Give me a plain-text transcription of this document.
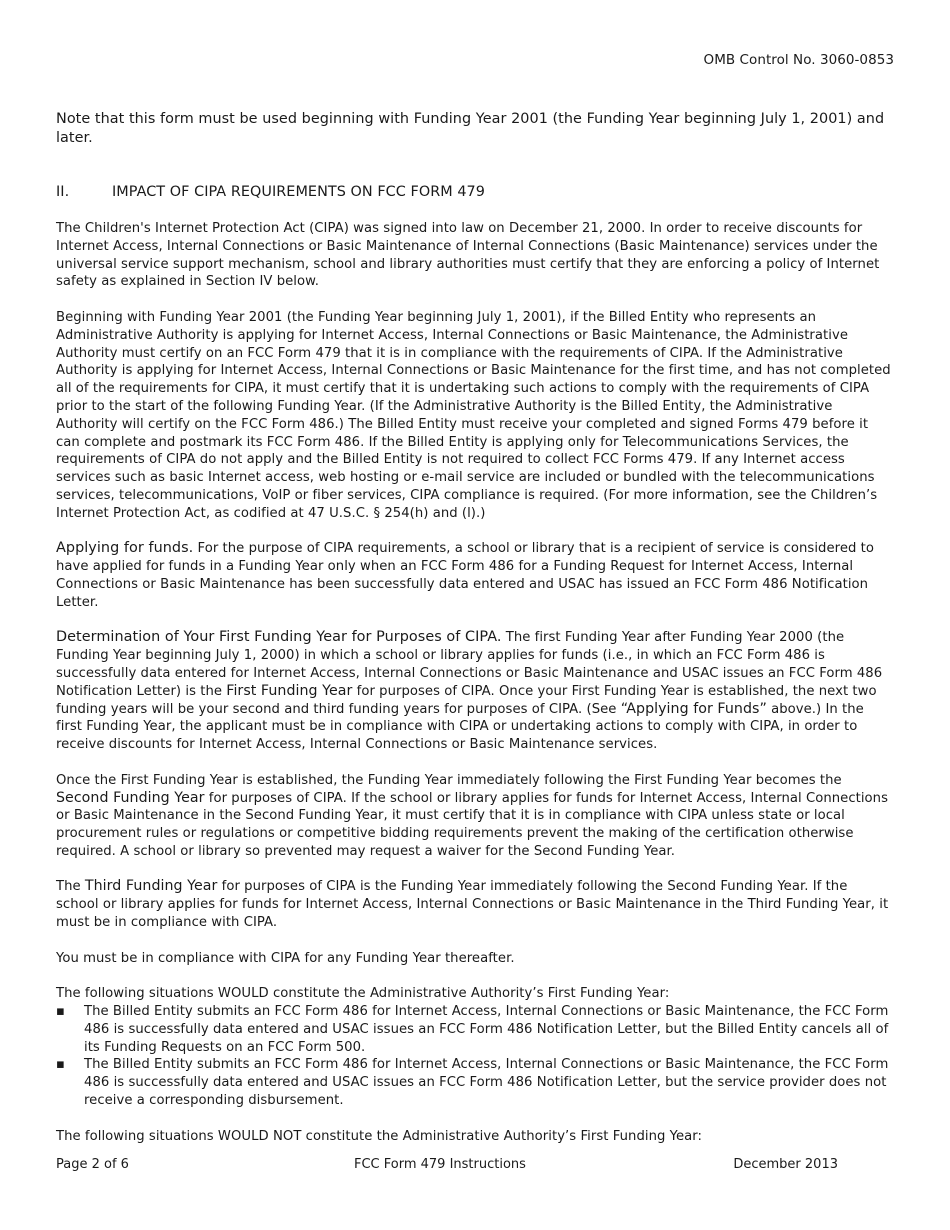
OMB Control No. 3060-0853

Note that this form must be used beginning with Funding Year 2001 (the Funding Year beginning July 1, 2001) and later.

II.	IMPACT OF CIPA REQUIREMENTS ON FCC FORM 479

The Children's Internet Protection Act (CIPA) was signed into law on December 21, 2000. In order to receive discounts for Internet Access, Internal Connections or Basic Maintenance of Internal Connections (Basic Maintenance) services under the universal service support mechanism, school and library authorities must certify that they are enforcing a policy of Internet safety as explained in Section IV below.

Beginning with Funding Year 2001 (the Funding Year beginning July 1, 2001), if the Billed Entity who represents an Administrative Authority is applying for Internet Access, Internal Connections or Basic Maintenance, the Administrative Authority must certify on an FCC Form 479 that it is in compliance with the requirements of CIPA. If the Administrative Authority is applying for Internet Access, Internal Connections or Basic Maintenance for the first time, and has not completed all of the requirements for CIPA, it must certify that it is undertaking such actions to comply with the requirements of CIPA prior to the start of the following Funding Year. (If the Administrative Authority is the Billed Entity, the Administrative Authority will certify on the FCC Form 486.) The Billed Entity must receive your completed and signed Forms 479 before it can complete and postmark its FCC Form 486. If the Billed Entity is applying only for Telecommunications Services, the requirements of CIPA do not apply and the Billed Entity is not required to collect FCC Forms 479. If any Internet access services such as basic Internet access, web hosting or e-mail service are included or bundled with the telecommunications services, telecommunications, VoIP or fiber services, CIPA compliance is required. (For more information, see the Children’s Internet Protection Act, as codified at 47 U.S.C. § 254(h) and (l).)

Applying for funds. For the purpose of CIPA requirements, a school or library that is a recipient of service is considered to have applied for funds in a Funding Year only when an FCC Form 486 for a Funding Request for Internet Access, Internal Connections or Basic Maintenance has been successfully data entered and USAC has issued an FCC Form 486 Notification Letter.

Determination of Your First Funding Year for Purposes of CIPA. The first Funding Year after Funding Year 2000 (the Funding Year beginning July 1, 2000) in which a school or library applies for funds (i.e., in which an FCC Form 486 is successfully data entered for Internet Access, Internal Connections or Basic Maintenance and USAC issues an FCC Form 486 Notification Letter) is the First Funding Year for purposes of CIPA. Once your First Funding Year is established, the next two funding years will be your second and third funding years for purposes of CIPA. (See “Applying for Funds” above.) In the first Funding Year, the applicant must be in compliance with CIPA or undertaking actions to comply with CIPA, in order to receive discounts for Internet Access, Internal Connections or Basic Maintenance services.

Once the First Funding Year is established, the Funding Year immediately following the First Funding Year becomes the Second Funding Year for purposes of CIPA. If the school or library applies for funds for Internet Access, Internal Connections or Basic Maintenance in the Second Funding Year, it must certify that it is in compliance with CIPA unless state or local procurement rules or regulations or competitive bidding requirements prevent the making of the certification otherwise required. A school or library so prevented may request a waiver for the Second Funding Year.

The Third Funding Year for purposes of CIPA is the Funding Year immediately following the Second Funding Year. If the school or library applies for funds for Internet Access, Internal Connections or Basic Maintenance in the Third Funding Year, it must be in compliance with CIPA.

You must be in compliance with CIPA for any Funding Year thereafter.

The following situations WOULD constitute the Administrative Authority’s First Funding Year:

▪ The Billed Entity submits an FCC Form 486 for Internet Access, Internal Connections or Basic Maintenance, the FCC Form 486 is successfully data entered and USAC issues an FCC Form 486 Notification Letter, but the Billed Entity cancels all of its Funding Requests on an FCC Form 500.
▪ The Billed Entity submits an FCC Form 486 for Internet Access, Internal Connections or Basic Maintenance, the FCC Form 486 is successfully data entered and USAC issues an FCC Form 486 Notification Letter, but the service provider does not receive a corresponding disbursement.

The following situations WOULD NOT constitute the Administrative Authority’s First Funding Year:

Page 2 of 6	FCC Form 479 Instructions	December 2013
